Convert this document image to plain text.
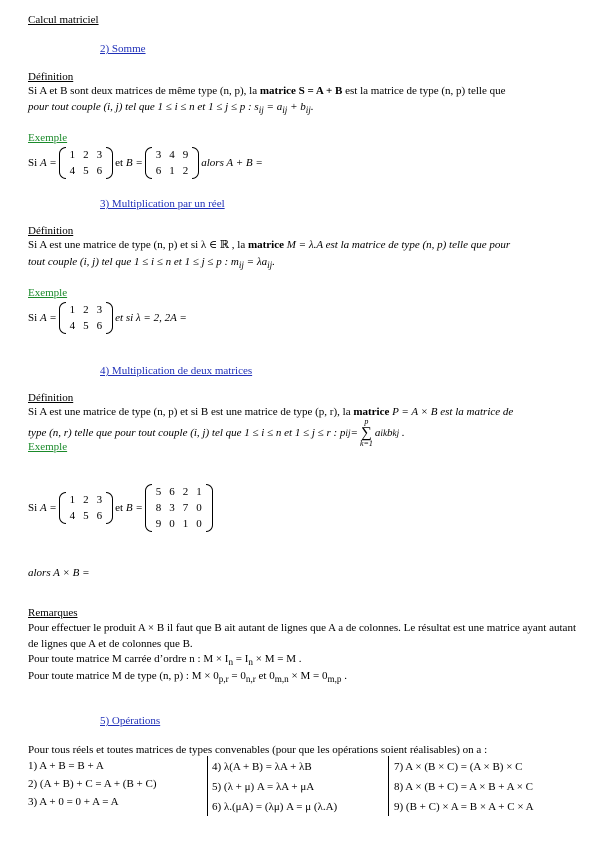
Calcul matriciel
2) Somme
Définition
Si A et B sont deux matrices de même type (n, p), la matrice S = A + B est la matrice de type (n, p) telle que
pour tout couple (i, j) tel que 1 ≤ i ≤ n et 1 ≤ j ≤ p : $s_{ij} = a_{ij} + b_{ij}$.
Exemple
Si
A =
1	2	3
4	5	6
et
B =
3	4	9
6	1	2
alors A + B =
3) Multiplication par un réel
Définition
Si A est une matrice de type (n, p) et si λ ∈ ℝ , la matrice M = λ.A est la matrice de type (n, p) telle que pour
tout couple (i, j) tel que 1 ≤ i ≤ n et 1 ≤ j ≤ p : $m_{ij} = \lambda a_{ij}$.
Exemple
Si
A =
1	2	3
4	5	6
et si λ = 2, 2A =
4) Multiplication de deux matrices
Définition
Si A est une matrice de type (n, p) et si B est une matrice de type (p, r), la matrice P = A × B est la matrice de
type (n, r) telle que pour tout couple (i, j) tel que 1 ≤ i ≤ n et 1 ≤ j ≤ r : p ij =
p
∑
k=1
a ik b kj
.
Exemple
Si
A =
1	2	3
4	5	6
et
B =
5	6	2	1
8	3	7	0
9	0	1	0
alors A × B =
Remarques
Pour effectuer le produit A × B il faut que B ait autant de lignes que A a de colonnes. Le résultat est une matrice ayant autant de lignes que A et de colonnes que B.
Pour toute matrice M carrée d’ordre n : $M \times I_n = I_n \times M = M$ .
Pour toute matrice M de type (n, p) : $M \times 0_{p,r} = 0_{n,r}$ et $0_{m,n} \times M = 0_{m,p}$ .
5) Opérations
Pour tous réels et toutes matrices de types convenables (pour que les opérations soient réalisables) on a :
1) A + B = B + A
2) (A + B) + C = A + (B + C)
3) A + 0 = 0 + A = A
4) λ(A + B) = λA + λB
5) (λ + μ) A = λA + μA
6) λ.(μA) = (λμ) A = μ (λ.A)
7) A × (B × C) = (A × B) × C
8) A × (B + C) = A × B + A × C
9) (B + C) × A = B × A + C × A
